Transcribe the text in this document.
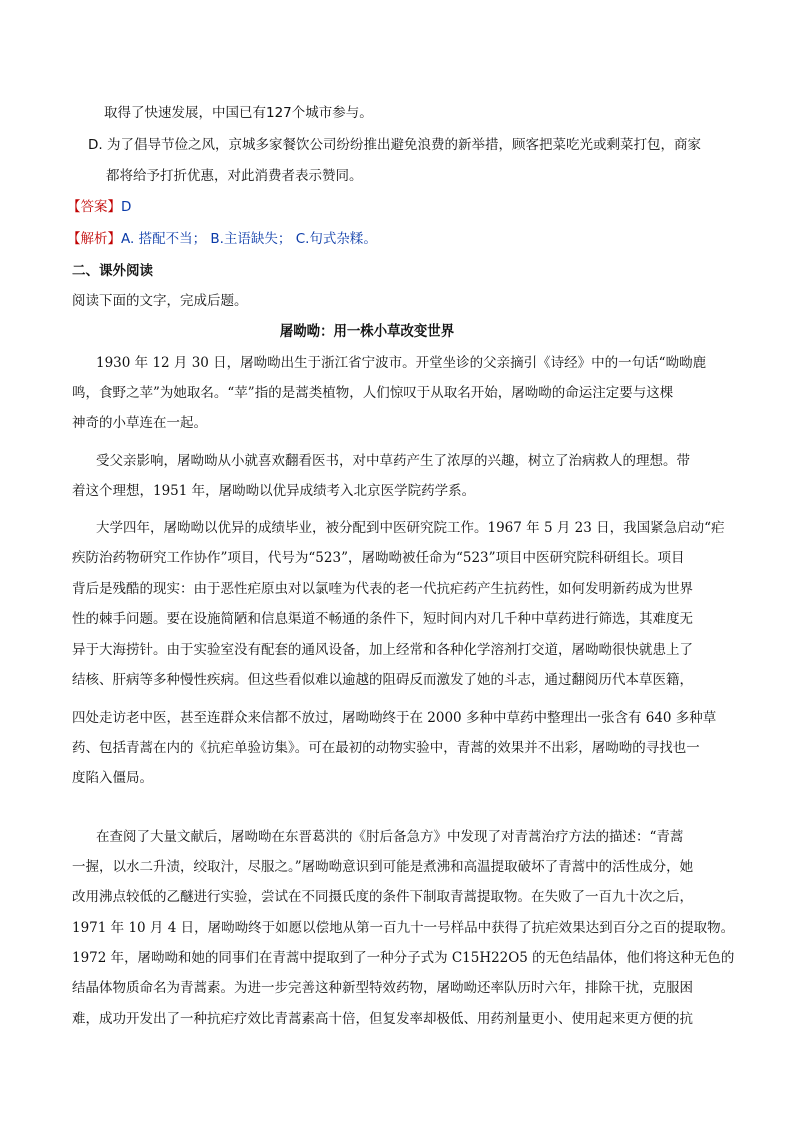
取得了快速发展，中国已有127个城市参与。
D. 为了倡导节俭之风，京城多家餐饮公司纷纷推出避免浪费的新举措，顾客把菜吃光或剩菜打包，商家
都将给予打折优惠，对此消费者表示赞同。
【答案】D
【解析】A. 搭配不当； B.主语缺失； C.句式杂糅。
二、课外阅读
阅读下面的文字，完成后题。
屠呦呦：用一株小草改变世界
1930 年 12 月 30 日，屠呦呦出生于浙江省宁波市。开堂坐诊的父亲摘引《诗经》中的一句话“呦呦鹿
鸣，食野之苹”为她取名。“苹”指的是蒿类植物，人们惊叹于从取名开始，屠呦呦的命运注定要与这棵
神奇的小草连在一起。
受父亲影响，屠呦呦从小就喜欢翻看医书，对中草药产生了浓厚的兴趣，树立了治病救人的理想。带
着这个理想，1951 年，屠呦呦以优异成绩考入北京医学院药学系。
大学四年，屠呦呦以优异的成绩毕业，被分配到中医研究院工作。1967 年 5 月 23 日，我国紧急启动“疟
疾防治药物研究工作协作”项目，代号为“523”，屠呦呦被任命为“523”项目中医研究院科研组长。项目
背后是残酷的现实：由于恶性疟原虫对以氯喹为代表的老一代抗疟药产生抗药性，如何发明新药成为世界
性的棘手问题。要在设施简陋和信息渠道不畅通的条件下，短时间内对几千种中草药进行筛选，其难度无
异于大海捞针。由于实验室没有配套的通风设备，加上经常和各种化学溶剂打交道，屠呦呦很快就患上了
结核、肝病等多种慢性疾病。但这些看似难以逾越的阻碍反而激发了她的斗志，通过翻阅历代本草医籍，
四处走访老中医，甚至连群众来信都不放过，屠呦呦终于在 2000 多种中草药中整理出一张含有 640 多种草
药、包括青蒿在内的《抗疟单验访集》。可在最初的动物实验中，青蒿的效果并不出彩，屠呦呦的寻找也一
度陷入僵局。
在查阅了大量文献后，屠呦呦在东晋葛洪的《肘后备急方》中发现了对青蒿治疗方法的描述：“青蒿
一握，以水二升渍，绞取汁，尽服之。”屠呦呦意识到可能是煮沸和高温提取破坏了青蒿中的活性成分，她
改用沸点较低的乙醚进行实验，尝试在不同摄氏度的条件下制取青蒿提取物。在失败了一百九十次之后，
1971 年 10 月 4 日，屠呦呦终于如愿以偿地从第一百九十一号样品中获得了抗疟效果达到百分之百的提取物。
1972 年，屠呦呦和她的同事们在青蒿中提取到了一种分子式为 C15H22O5 的无色结晶体，他们将这种无色的
结晶体物质命名为青蒿素。为进一步完善这种新型特效药物，屠呦呦还率队历时六年，排除干扰，克服困
难，成功开发出了一种抗疟疗效比青蒿素高十倍，但复发率却极低、用药剂量更小、使用起来更方便的抗
